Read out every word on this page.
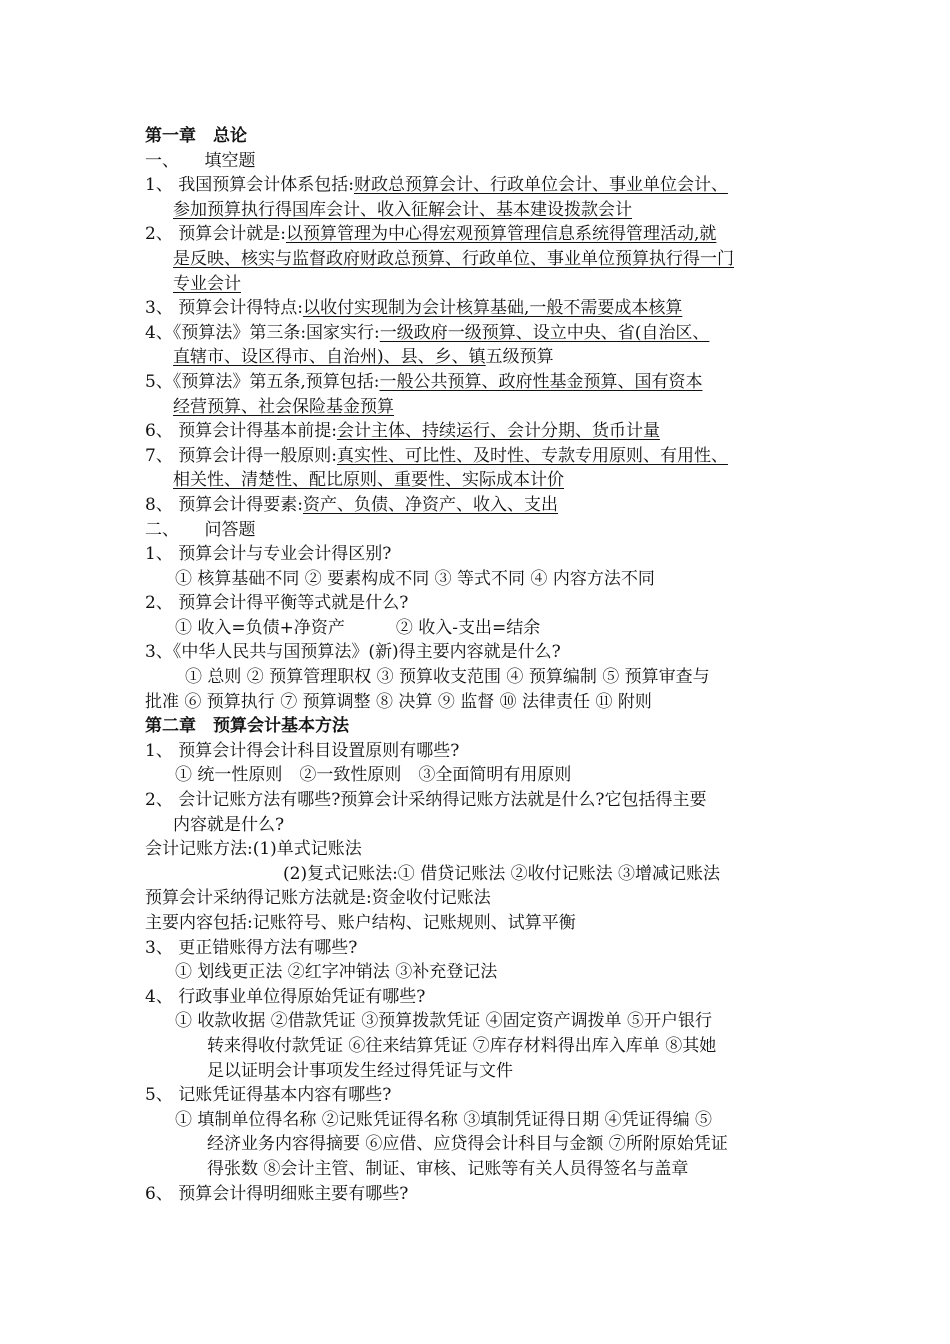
第一章　总论
一、　　填空题
1、 我国预算会计体系包括:财政总预算会计、行政单位会计、事业单位会计、
参加预算执行得国库会计、收入征解会计、基本建设拨款会计
2、 预算会计就是:以预算管理为中心得宏观预算管理信息系统得管理活动,就
是反映、核实与监督政府财政总预算、行政单位、事业单位预算执行得一门
专业会计
3、 预算会计得特点:以收付实现制为会计核算基础,一般不需要成本核算
4、《预算法》第三条:国家实行:一级政府一级预算、设立中央、省(自治区、
直辖市、设区得市、自治州)、县、乡、镇五级预算
5、《预算法》第五条,预算包括:一般公共预算、政府性基金预算、国有资本
经营预算、社会保险基金预算
6、 预算会计得基本前提:会计主体、持续运行、会计分期、货币计量
7、 预算会计得一般原则:真实性、可比性、及时性、专款专用原则、有用性、
相关性、清楚性、配比原则、重要性、实际成本计价
8、 预算会计得要素:资产、负债、净资产、收入、支出
二、　　问答题
1、 预算会计与专业会计得区别?
① 核算基础不同 ② 要素构成不同 ③ 等式不同 ④ 内容方法不同
2、 预算会计得平衡等式就是什么?
① 收入=负债+净资产　　　② 收入-支出=结余
3、《中华人民共与国预算法》(新)得主要内容就是什么?
① 总则 ② 预算管理职权 ③ 预算收支范围 ④ 预算编制 ⑤ 预算审查与
批准 ⑥ 预算执行 ⑦ 预算调整 ⑧ 决算 ⑨ 监督 ⑩ 法律责任 ⑪ 附则
第二章　预算会计基本方法
1、 预算会计得会计科目设置原则有哪些?
① 统一性原则　②一致性原则　③全面简明有用原则
2、 会计记账方法有哪些?预算会计采纳得记账方法就是什么?它包括得主要
内容就是什么?
会计记账方法:(1)单式记账法
(2)复式记账法:① 借贷记账法 ②收付记账法 ③增减记账法
预算会计采纳得记账方法就是:资金收付记账法
主要内容包括:记账符号、账户结构、记账规则、试算平衡
3、 更正错账得方法有哪些?
① 划线更正法 ②红字冲销法 ③补充登记法
4、 行政事业单位得原始凭证有哪些?
① 收款收据 ②借款凭证 ③预算拨款凭证 ④固定资产调拨单 ⑤开户银行
转来得收付款凭证 ⑥往来结算凭证 ⑦库存材料得出库入库单 ⑧其她
足以证明会计事项发生经过得凭证与文件
5、 记账凭证得基本内容有哪些?
① 填制单位得名称 ②记账凭证得名称 ③填制凭证得日期 ④凭证得编 ⑤
经济业务内容得摘要 ⑥应借、应贷得会计科目与金额 ⑦所附原始凭证
得张数 ⑧会计主管、制证、审核、记账等有关人员得签名与盖章
6、 预算会计得明细账主要有哪些?
